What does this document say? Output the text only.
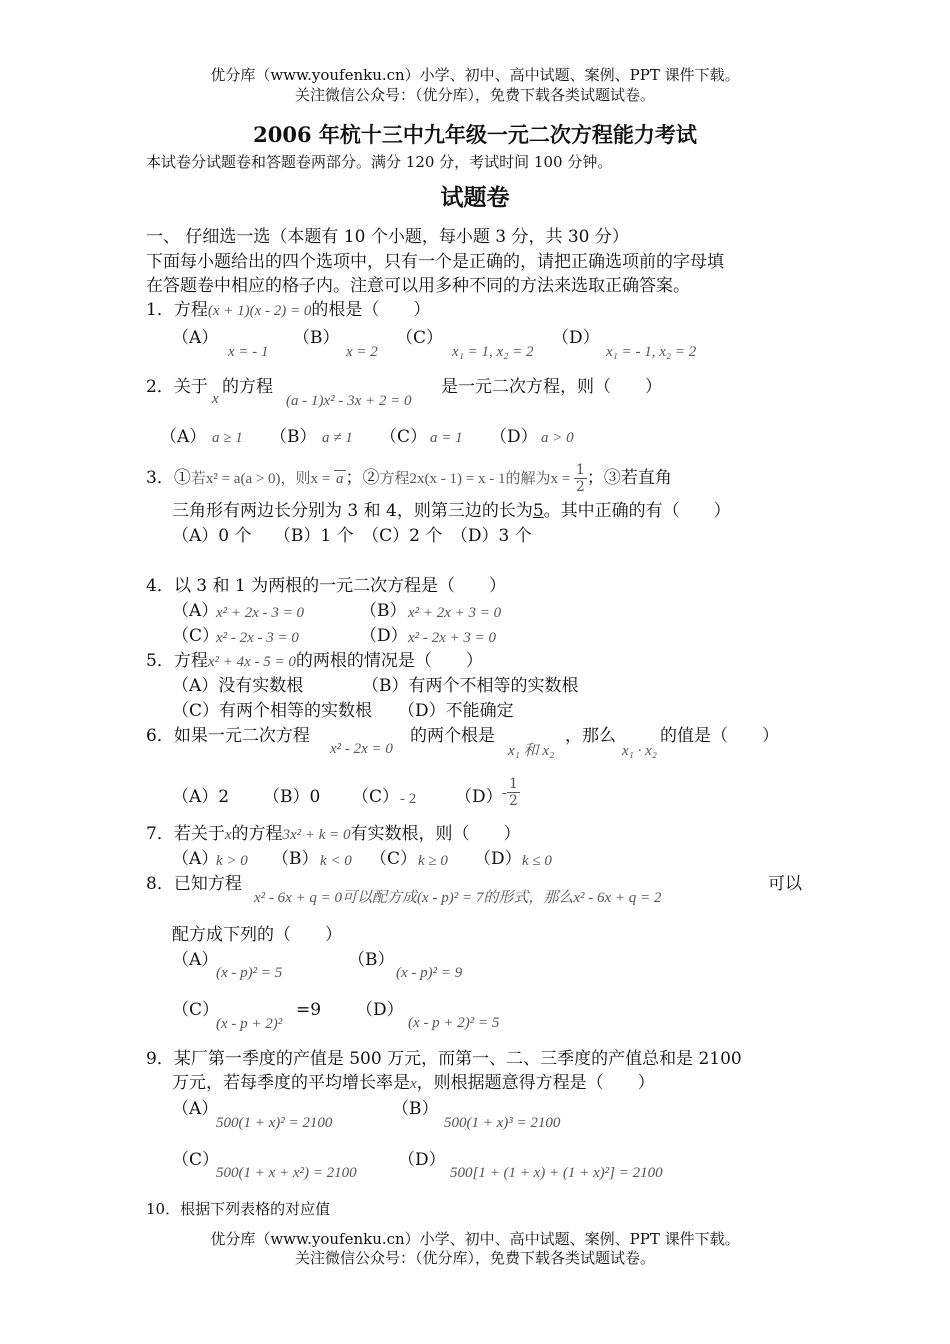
优分库（www.youfenku.cn）小学、初中、高中试题、案例、PPT 课件下载。
关注微信公众号：（优分库），免费下载各类试题试卷。
2006 年杭十三中九年级一元二次方程能力考试
本试卷分试题卷和答题卷两部分。满分 120 分，考试时间 100 分钟。
试题卷
一、 仔细选一选（本题有 10 个小题，每小题 3 分，共 30 分）
下面每小题给出的四个选项中，只有一个是正确的，请把正确选项前的字母填
在答题卷中相应的格子内。注意可以用多种不同的方法来选取正确答案。
1．方程(x + 1)(x - 2) = 0的根是（　　）
（A）
x = - 1
（B）
x = 2
（C）
x₁ = 1, x₂ = 2
（D）
x₁ = - 1, x₂ = 2
2．关于
x
的方程
(a - 1)x² - 3x + 2 = 0
是一元二次方程，则（　　）
（A） a ≥ 1 （B） a ≠ 1 （C） a = 1 （D） a > 0
3．①若x² = a(a > 0)，则x = a ；②方程2x(x - 1) = x - 1的解为$x = \frac{1}{2}$ ；③若直角
三角形有两边长分别为 3 和 4，则第三边的长为5。其中正确的有（　　）
（A）0 个　 （B）1 个　（C）2 个　（D）3 个
4．以 3 和 1 为两根的一元二次方程是（　　）
（A）
x² + 2x - 3 = 0	（B） x² + 2x + 3 = 0
（C）
x² - 2x - 3 = 0	（D） x² - 2x + 3 = 0
5．方程x² + 4x - 5 = 0的两根的情况是（　　）
（A）没有实数根	（B）有两个不相等的实数根
（C）有两个相等的实数根 （D）不能确定
6．如果一元二次方程
x² - 2x = 0
的两个根是
x₁ 和 x₂
，那么
x₁ · x₂
的值是（　　）
（A）2 （B）0 （C） - 2 $(D) - \frac{1}{2}$
7．若关于x的方程3x² + k = 0有实数根，则（　　）
（A）
k > 0 （B） k < 0 （C） k ≥ 0 （D） k ≤ 0
8．已知方程
x² - 6x + q = 0可以配方成(x - p)² = 7的形式，那么x² - 6x + q = 2
可以
配方成下列的（　　）
（A）
(x - p)² = 5
（B）
(x - p)² = 9
（C）
(x - p + 2)²
=9 （D）
(x - p + 2)² = 5
9．某厂第一季度的产值是 500 万元，而第一、二、三季度的产值总和是 2100
万元，若每季度的平均增长率是x，则根据题意得方程是（　　）
（A）
500(1 + x)² = 2100
（B）
500(1 + x)³ = 2100
（C）
500(1 + x + x²) = 2100
（D）
500[1 + (1 + x) + (1 + x)²] = 2100
10．根据下列表格的对应值
优分库（www.youfenku.cn）小学、初中、高中试题、案例、PPT 课件下载。
关注微信公众号：（优分库），免费下载各类试题试卷。
